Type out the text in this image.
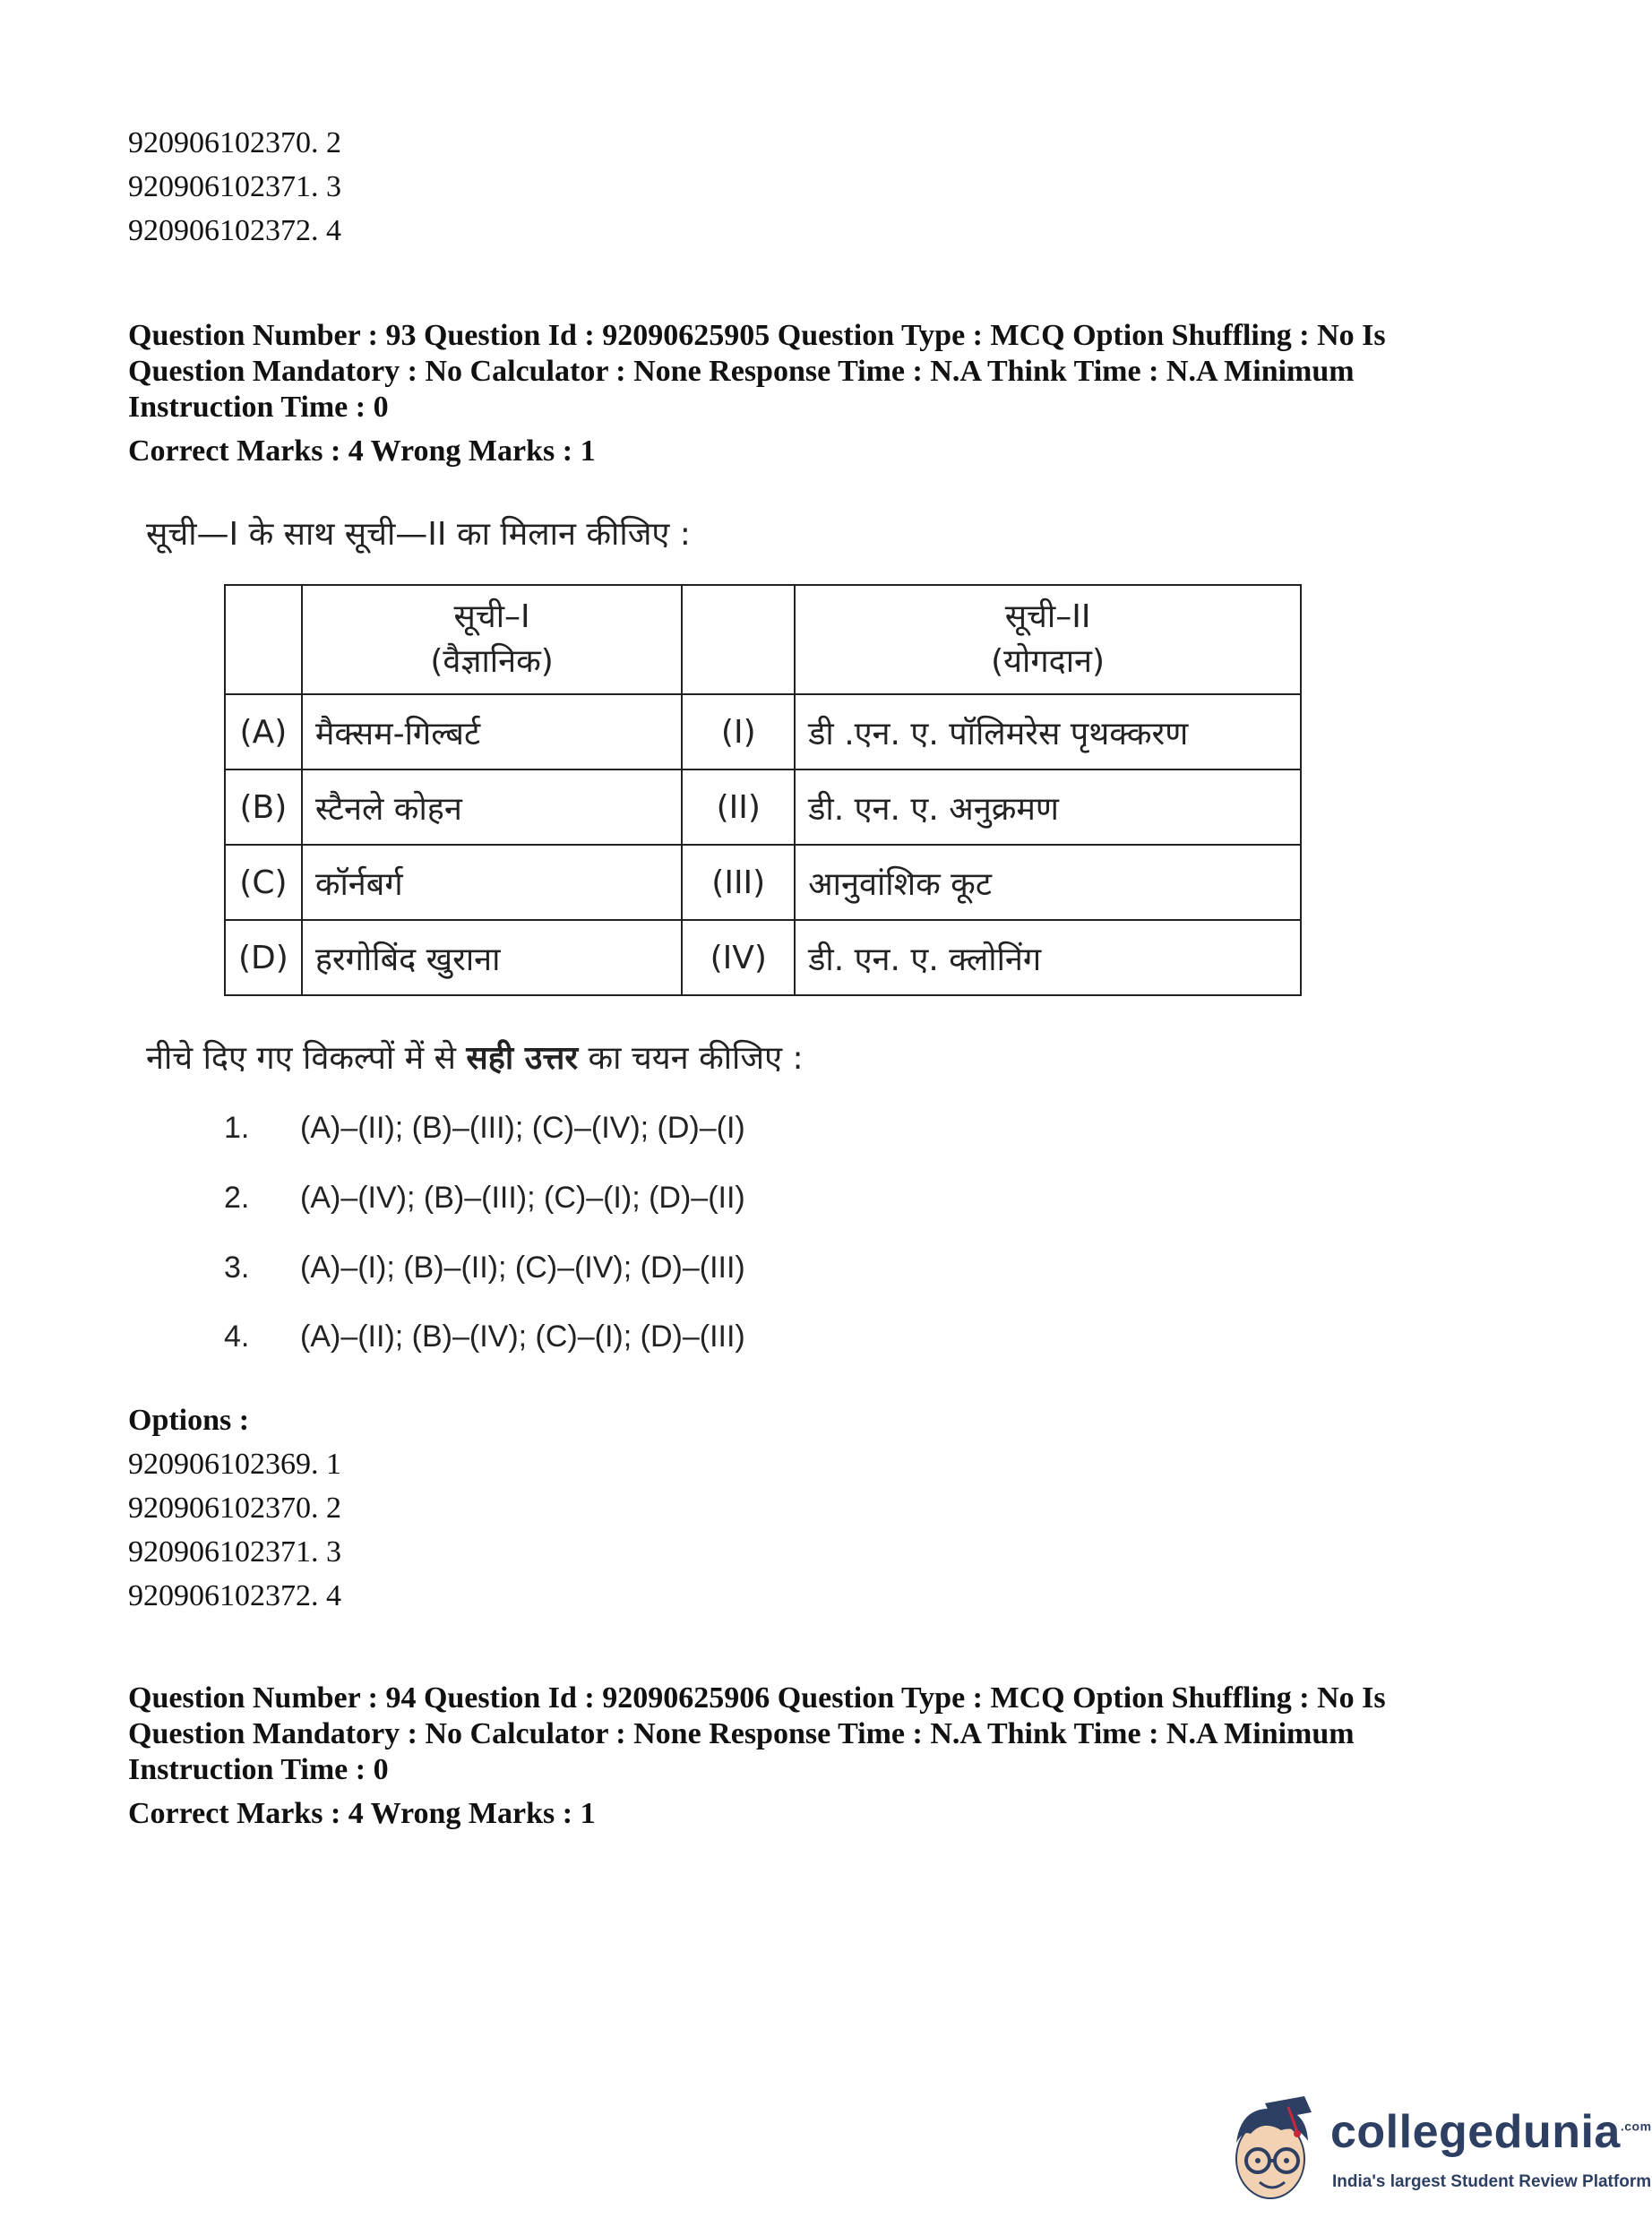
920906102370. 2
920906102371. 3
920906102372. 4
Question Number : 93 Question Id : 92090625905 Question Type : MCQ Option Shuffling : No Is
Question Mandatory : No Calculator : None Response Time : N.A Think Time : N.A Minimum
Instruction Time : 0
Correct Marks : 4 Wrong Marks : 1
सूची—I के साथ सूची—II का मिलान कीजिए :

	सूची–I
(वैज्ञानिक)		सूची–II
(योगदान)

(A)	मैक्सम-गिल्बर्ट	(I)	डी .एन. ए. पॉलिमरेस पृथक्करण
(B)	स्टैनले कोहन	(II)	डी. एन. ए. अनुक्रमण
(C)	कॉर्नबर्ग	(III)	आनुवांशिक कूट
(D)	हरगोबिंद खुराना	(IV)	डी. एन. ए. क्लोनिंग
नीचे दिए गए विकल्पों में से सही उत्तर का चयन कीजिए :
1. (A)–(II); (B)–(III); (C)–(IV); (D)–(I)
2. (A)–(IV); (B)–(III); (C)–(I); (D)–(II)
3. (A)–(I); (B)–(II); (C)–(IV); (D)–(III)
4. (A)–(II); (B)–(IV); (C)–(I); (D)–(III)
Options :
920906102369. 1
920906102370. 2
920906102371. 3
920906102372. 4
Question Number : 94 Question Id : 92090625906 Question Type : MCQ Option Shuffling : No Is
Question Mandatory : No Calculator : None Response Time : N.A Think Time : N.A Minimum
Instruction Time : 0
Correct Marks : 4 Wrong Marks : 1
collegedunia$^{.com}$
India's largest Student Review Platform
